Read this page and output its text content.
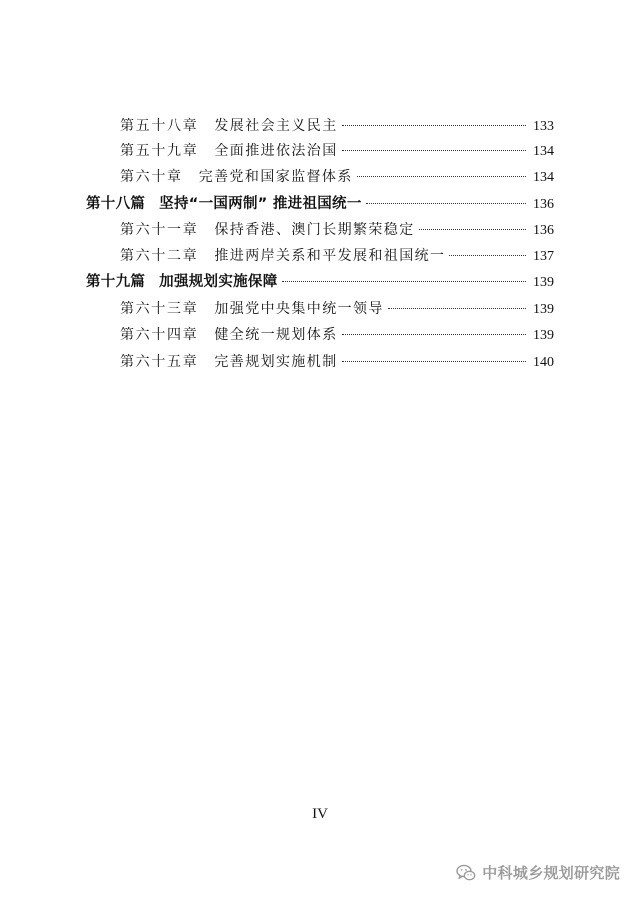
第五十八章 发展社会主义民主	133
第五十九章 全面推进依法治国	134
第六十章 完善党和国家监督体系	134
第十八篇 坚持“一国两制” 推进祖国统一	136
第六十一章 保持香港、澳门长期繁荣稳定	136
第六十二章 推进两岸关系和平发展和祖国统一	137
第十九篇 加强规划实施保障	139
第六十三章 加强党中央集中统一领导	139
第六十四章 健全统一规划体系	139
第六十五章 完善规划实施机制	140
IV
中科城乡规划研究院
